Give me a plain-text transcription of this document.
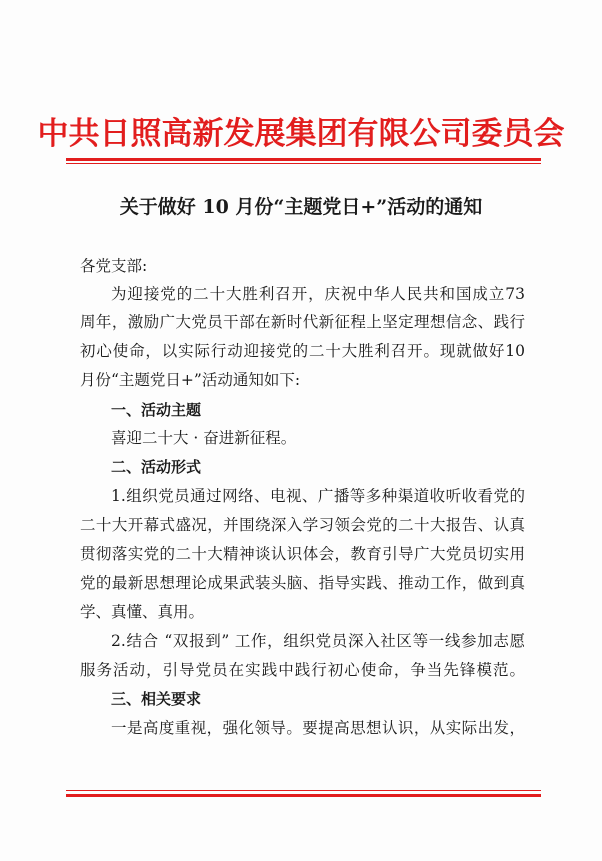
中共日照高新发展集团有限公司委员会
关于做好 10 月份“主题党日+”活动的通知
各党支部:
为迎接党的二十大胜利召开，庆祝中华人民共和国成立73
周年，激励广大党员干部在新时代新征程上坚定理想信念、践行
初心使命，以实际行动迎接党的二十大胜利召开。现就做好10
月份“主题党日+”活动通知如下:
一、活动主题
喜迎二十大 · 奋进新征程。
二、活动形式
1.组织党员通过网络、电视、广播等多种渠道收听收看党的
二十大开幕式盛况，并围绕深入学习领会党的二十大报告、认真
贯彻落实党的二十大精神谈认识体会，教育引导广大党员切实用
党的最新思想理论成果武装头脑、指导实践、推动工作，做到真
学、真懂、真用。
2.结合 “双报到” 工作，组织党员深入社区等一线参加志愿
服务活动，引导党员在实践中践行初心使命，争当先锋模范。
三、相关要求
一是高度重视，强化领导。要提高思想认识，从实际出发，
